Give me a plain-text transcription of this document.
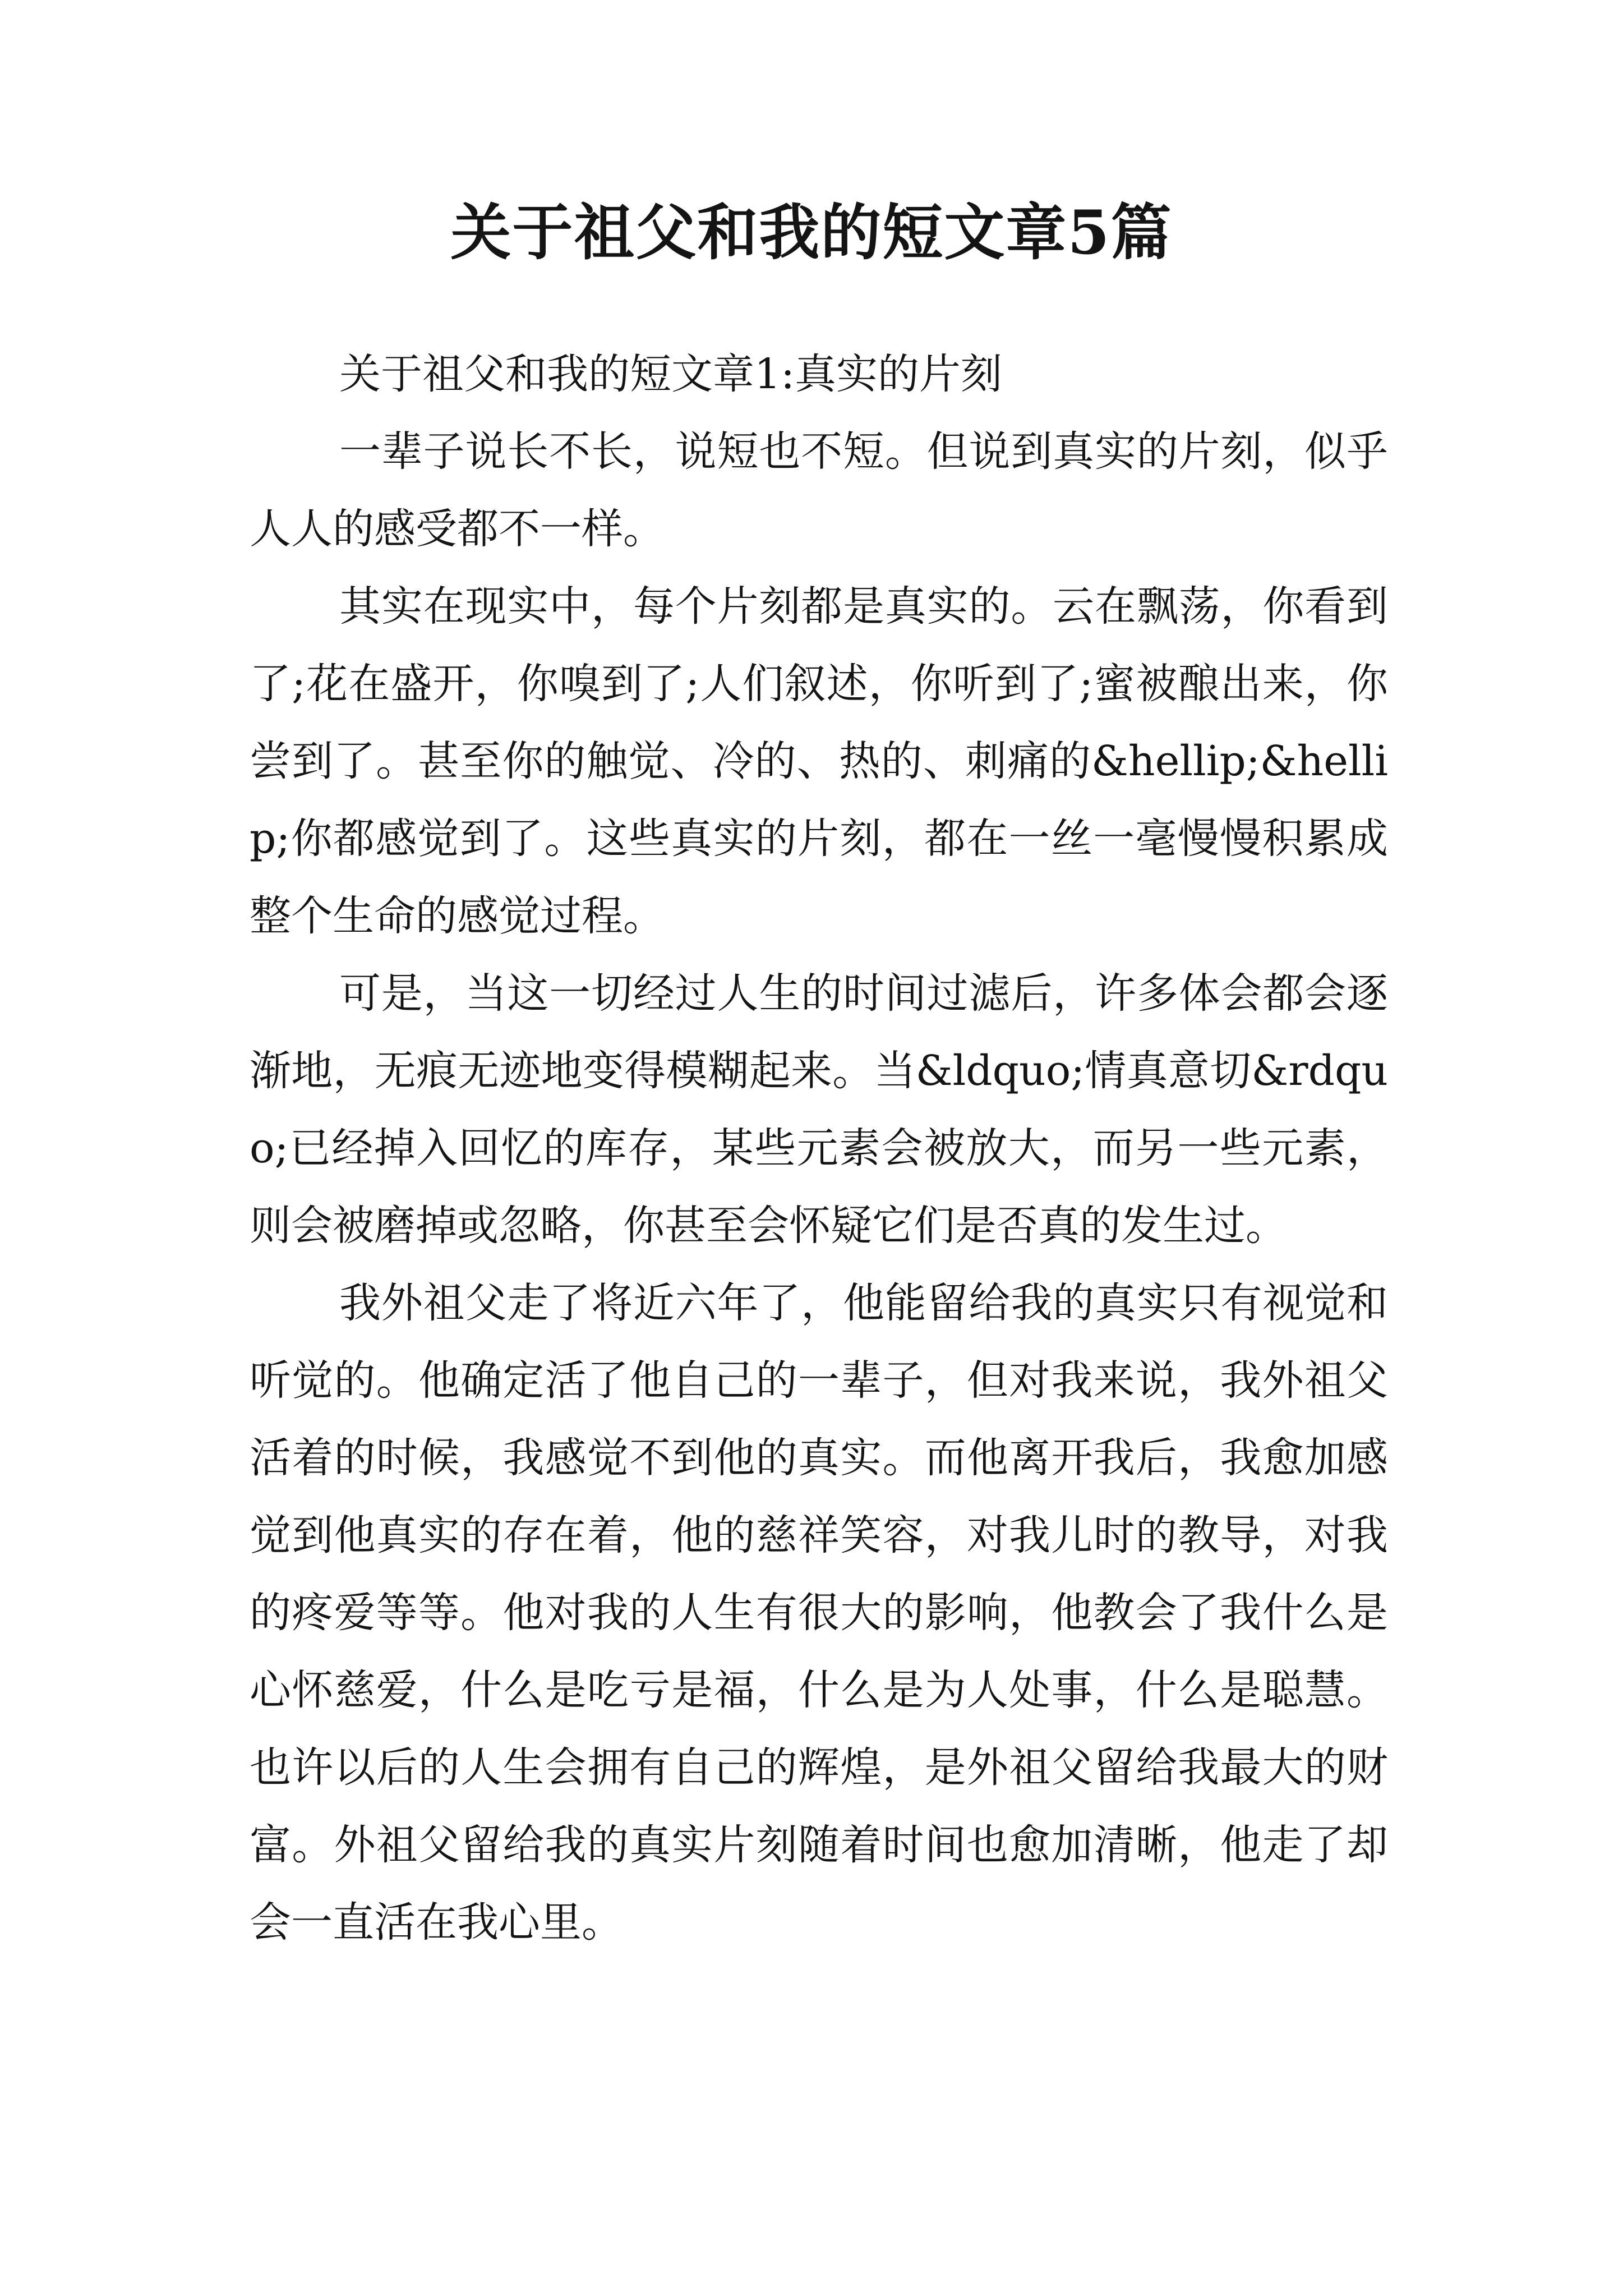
关于祖父和我的短文章5篇

关于祖父和我的短文章1:真实的片刻

一辈子说长不长，说短也不短。但说到真实的片刻，似乎人人的感受都不一样。

其实在现实中，每个片刻都是真实的。云在飘荡，你看到了;花在盛开，你嗅到了;人们叙述，你听到了;蜜被酿出来，你尝到了。甚至你的触觉、冷的、热的、刺痛的&hellip;&hellip;你都感觉到了。这些真实的片刻，都在一丝一毫慢慢积累成整个生命的感觉过程。

可是，当这一切经过人生的时间过滤后，许多体会都会逐渐地，无痕无迹地变得模糊起来。当&ldquo;情真意切&rdquo;已经掉入回忆的库存，某些元素会被放大，而另一些元素，则会被磨掉或忽略，你甚至会怀疑它们是否真的发生过。

我外祖父走了将近六年了，他能留给我的真实只有视觉和听觉的。他确定活了他自己的一辈子，但对我来说，我外祖父活着的时候，我感觉不到他的真实。而他离开我后，我愈加感觉到他真实的存在着，他的慈祥笑容，对我儿时的教导，对我的疼爱等等。他对我的人生有很大的影响，他教会了我什么是心怀慈爱，什么是吃亏是福，什么是为人处事，什么是聪慧。也许以后的人生会拥有自己的辉煌，是外祖父留给我最大的财富。外祖父留给我的真实片刻随着时间也愈加清晰，他走了却会一直活在我心里。
